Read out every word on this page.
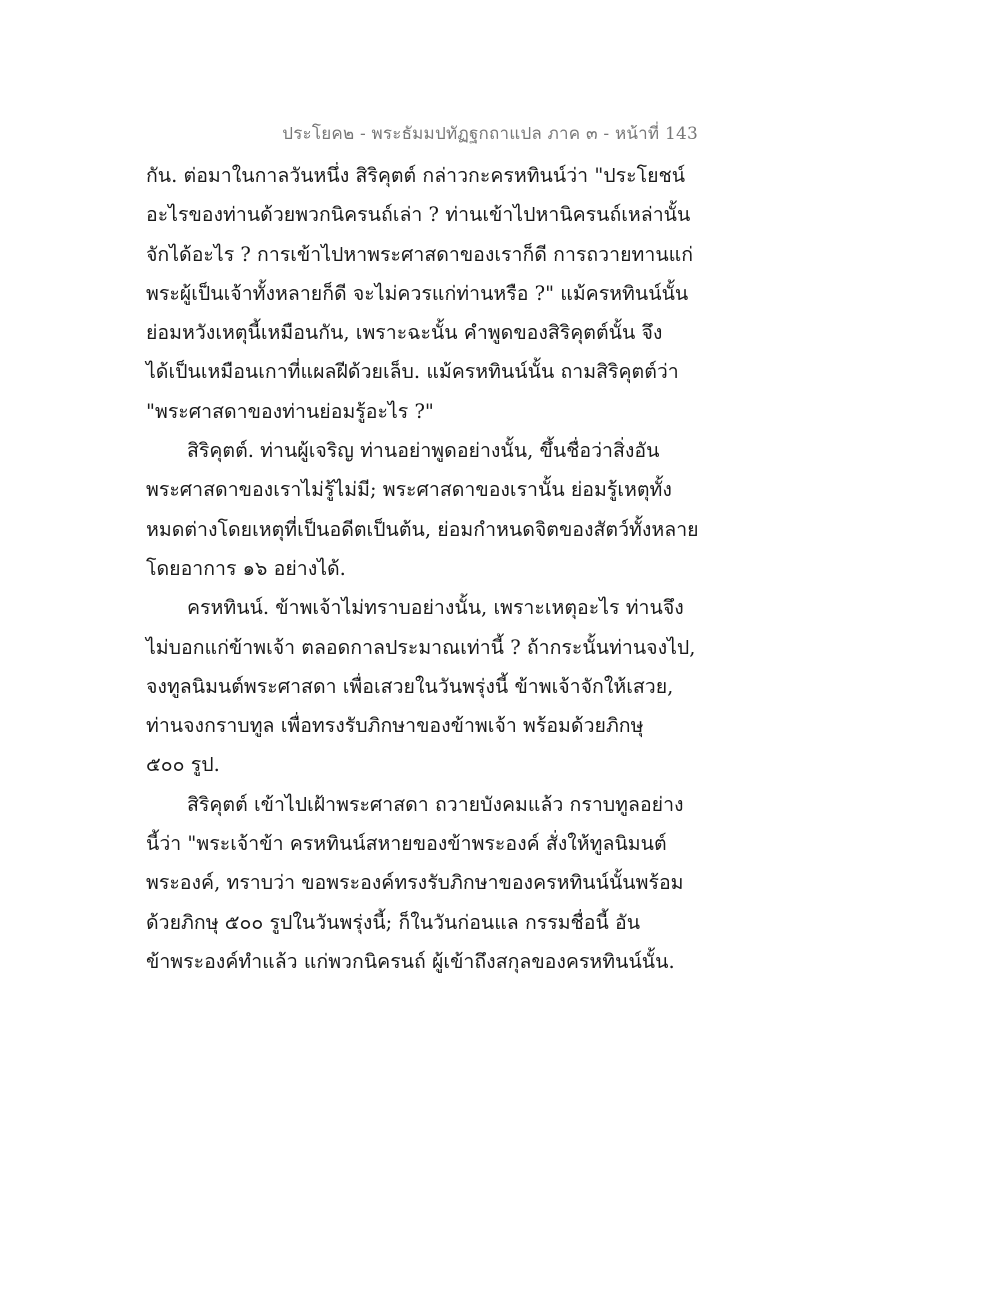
ประโยค๒ - พระธัมมปทัฏฐกถาแปล ภาค ๓ - หน้าที่ 143
กัน. ต่อมาในกาลวันหนึ่ง สิริคุตต์ กล่าวกะครหทินน์ว่า "ประโยชน์
อะไรของท่านด้วยพวกนิครนถ์เล่า ? ท่านเข้าไปหานิครนถ์เหล่านั้น
จักได้อะไร ? การเข้าไปหาพระศาสดาของเราก็ดี การถวายทานแก่
พระผู้เป็นเจ้าทั้งหลายก็ดี จะไม่ควรแก่ท่านหรือ ?" แม้ครหทินน์นั้น
ย่อมหวังเหตุนี้เหมือนกัน, เพราะฉะนั้น คำพูดของสิริคุตต์นั้น จึง
ได้เป็นเหมือนเกาที่แผลฝีด้วยเล็บ. แม้ครหทินน์นั้น ถามสิริคุตต์ว่า
"พระศาสดาของท่านย่อมรู้อะไร ?"
สิริคุตต์. ท่านผู้เจริญ ท่านอย่าพูดอย่างนั้น, ขึ้นชื่อว่าสิ่งอัน
พระศาสดาของเราไม่รู้ไม่มี; พระศาสดาของเรานั้น ย่อมรู้เหตุทั้ง
หมดต่างโดยเหตุที่เป็นอดีตเป็นต้น, ย่อมกำหนดจิตของสัตว์ทั้งหลาย
โดยอาการ ๑๖ อย่างได้.
ครหทินน์. ข้าพเจ้าไม่ทราบอย่างนั้น, เพราะเหตุอะไร ท่านจึง
ไม่บอกแก่ข้าพเจ้า ตลอดกาลประมาณเท่านี้ ? ถ้ากระนั้นท่านจงไป,
จงทูลนิมนต์พระศาสดา เพื่อเสวยในวันพรุ่งนี้ ข้าพเจ้าจักให้เสวย,
ท่านจงกราบทูล เพื่อทรงรับภิกษาของข้าพเจ้า พร้อมด้วยภิกษุ
๕๐๐ รูป.
สิริคุตต์ เข้าไปเฝ้าพระศาสดา ถวายบังคมแล้ว กราบทูลอย่าง
นี้ว่า "พระเจ้าข้า ครหทินน์สหายของข้าพระองค์ สั่งให้ทูลนิมนต์
พระองค์, ทราบว่า ขอพระองค์ทรงรับภิกษาของครหทินน์นั้นพร้อม
ด้วยภิกษุ ๕๐๐ รูปในวันพรุ่งนี้; ก็ในวันก่อนแล กรรมชื่อนี้ อัน
ข้าพระองค์ทำแล้ว แก่พวกนิครนถ์ ผู้เข้าถึงสกุลของครหทินน์นั้น.
